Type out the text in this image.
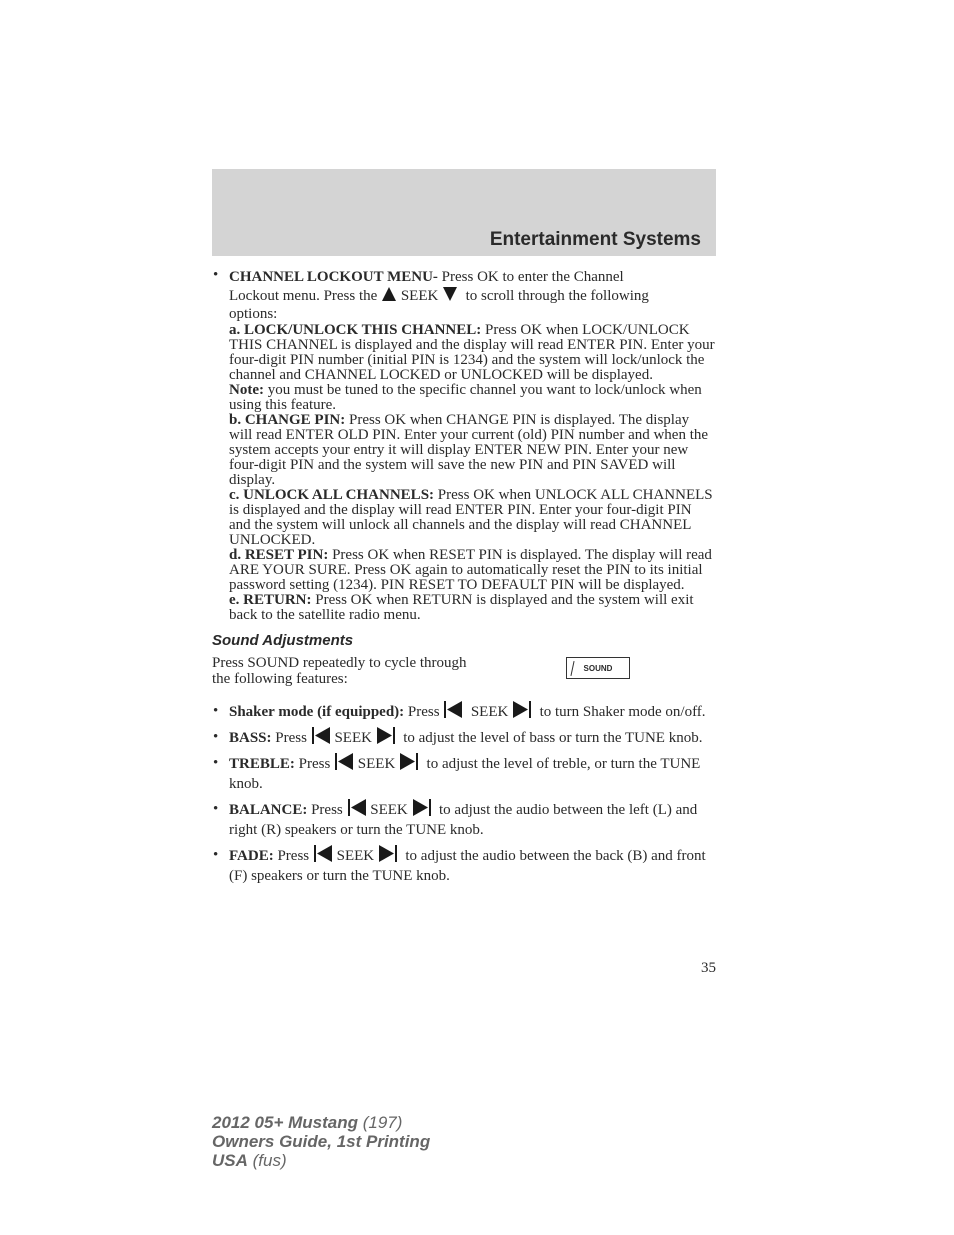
Entertainment Systems
• CHANNEL LOCKOUT MENU- Press OK to enter the Channel
Lockout menu. Press the SEEK to scroll through the following
options:
a. LOCK/UNLOCK THIS CHANNEL: Press OK when LOCK/UNLOCK THIS CHANNEL is displayed and the display will read ENTER PIN. Enter your four-digit PIN number (initial PIN is 1234) and the system will lock/unlock the channel and CHANNEL LOCKED or UNLOCKED will be displayed.
Note: you must be tuned to the specific channel you want to lock/unlock when using this feature.
b. CHANGE PIN: Press OK when CHANGE PIN is displayed. The display will read ENTER OLD PIN. Enter your current (old) PIN number and when the system accepts your entry it will display ENTER NEW PIN. Enter your new four-digit PIN and the system will save the new PIN and PIN SAVED will display.
c. UNLOCK ALL CHANNELS: Press OK when UNLOCK ALL CHANNELS is displayed and the display will read ENTER PIN. Enter your four-digit PIN and the system will unlock all channels and the display will read CHANNEL UNLOCKED.
d. RESET PIN: Press OK when RESET PIN is displayed. The display will read ARE YOUR SURE. Press OK again to automatically reset the PIN to its initial password setting (1234). PIN RESET TO DEFAULT PIN will be displayed.
e. RETURN: Press OK when RETURN is displayed and the system will exit back to the satellite radio menu.
Sound Adjustments
Press SOUND repeatedly to cycle through the following features:
SOUND
• Shaker mode (if equipped): Press SEEK to turn Shaker mode on/off.
• BASS: Press SEEK to adjust the level of bass or turn the TUNE knob.
• TREBLE: Press SEEK to adjust the level of treble, or turn the TUNE knob.
• BALANCE: Press SEEK to adjust the audio between the left (L) and right (R) speakers or turn the TUNE knob.
• FADE: Press SEEK to adjust the audio between the back (B) and front (F) speakers or turn the TUNE knob.
35
2012 05+ Mustang (197)
Owners Guide, 1st Printing
USA (fus)
